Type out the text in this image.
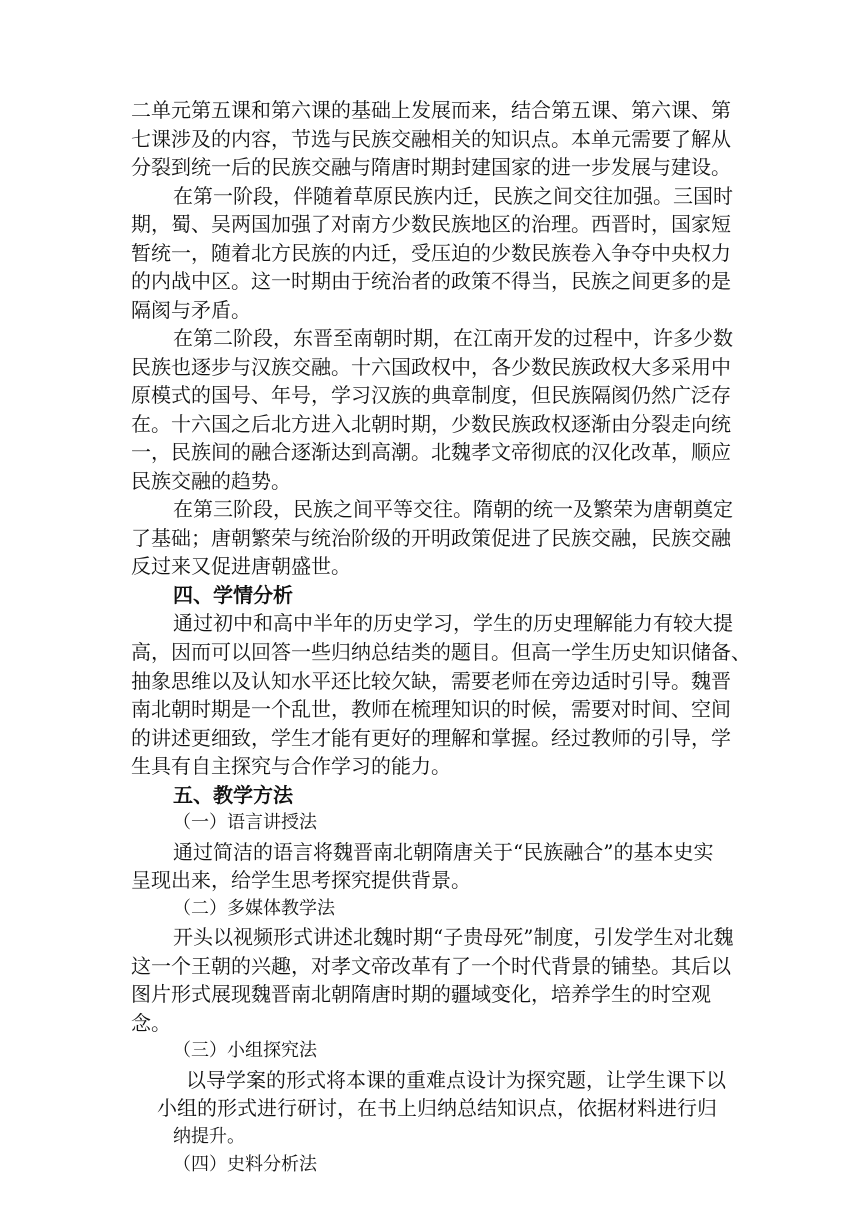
二单元第五课和第六课的基础上发展而来，结合第五课、第六课、第
七课涉及的内容，节选与民族交融相关的知识点。本单元需要了解从
分裂到统一后的民族交融与隋唐时期封建国家的进一步发展与建设。
在第一阶段，伴随着草原民族内迁，民族之间交往加强。三国时
期，蜀、吴两国加强了对南方少数民族地区的治理。西晋时，国家短
暂统一，随着北方民族的内迁，受压迫的少数民族卷入争夺中央权力
的内战中区。这一时期由于统治者的政策不得当，民族之间更多的是
隔阂与矛盾。
在第二阶段，东晋至南朝时期，在江南开发的过程中，许多少数
民族也逐步与汉族交融。十六国政权中，各少数民族政权大多采用中
原模式的国号、年号，学习汉族的典章制度，但民族隔阂仍然广泛存
在。十六国之后北方进入北朝时期，少数民族政权逐渐由分裂走向统
一，民族间的融合逐渐达到高潮。北魏孝文帝彻底的汉化改革，顺应
民族交融的趋势。
在第三阶段，民族之间平等交往。隋朝的统一及繁荣为唐朝奠定
了基础；唐朝繁荣与统治阶级的开明政策促进了民族交融，民族交融
反过来又促进唐朝盛世。
四、学情分析
通过初中和高中半年的历史学习，学生的历史理解能力有较大提
高，因而可以回答一些归纳总结类的题目。但高一学生历史知识储备、
抽象思维以及认知水平还比较欠缺，需要老师在旁边适时引导。魏晋
南北朝时期是一个乱世，教师在梳理知识的时候，需要对时间、空间
的讲述更细致，学生才能有更好的理解和掌握。经过教师的引导，学
生具有自主探究与合作学习的能力。
五、教学方法
（一）语言讲授法
通过简洁的语言将魏晋南北朝隋唐关于“民族融合”的基本史实
呈现出来，给学生思考探究提供背景。
（二）多媒体教学法
开头以视频形式讲述北魏时期“子贵母死”制度，引发学生对北魏
这一个王朝的兴趣，对孝文帝改革有了一个时代背景的铺垫。其后以
图片形式展现魏晋南北朝隋唐时期的疆域变化，培养学生的时空观
念。
（三）小组探究法
以导学案的形式将本课的重难点设计为探究题，让学生课下以
小组的形式进行研讨，在书上归纳总结知识点，依据材料进行归
纳提升。
（四）史料分析法
